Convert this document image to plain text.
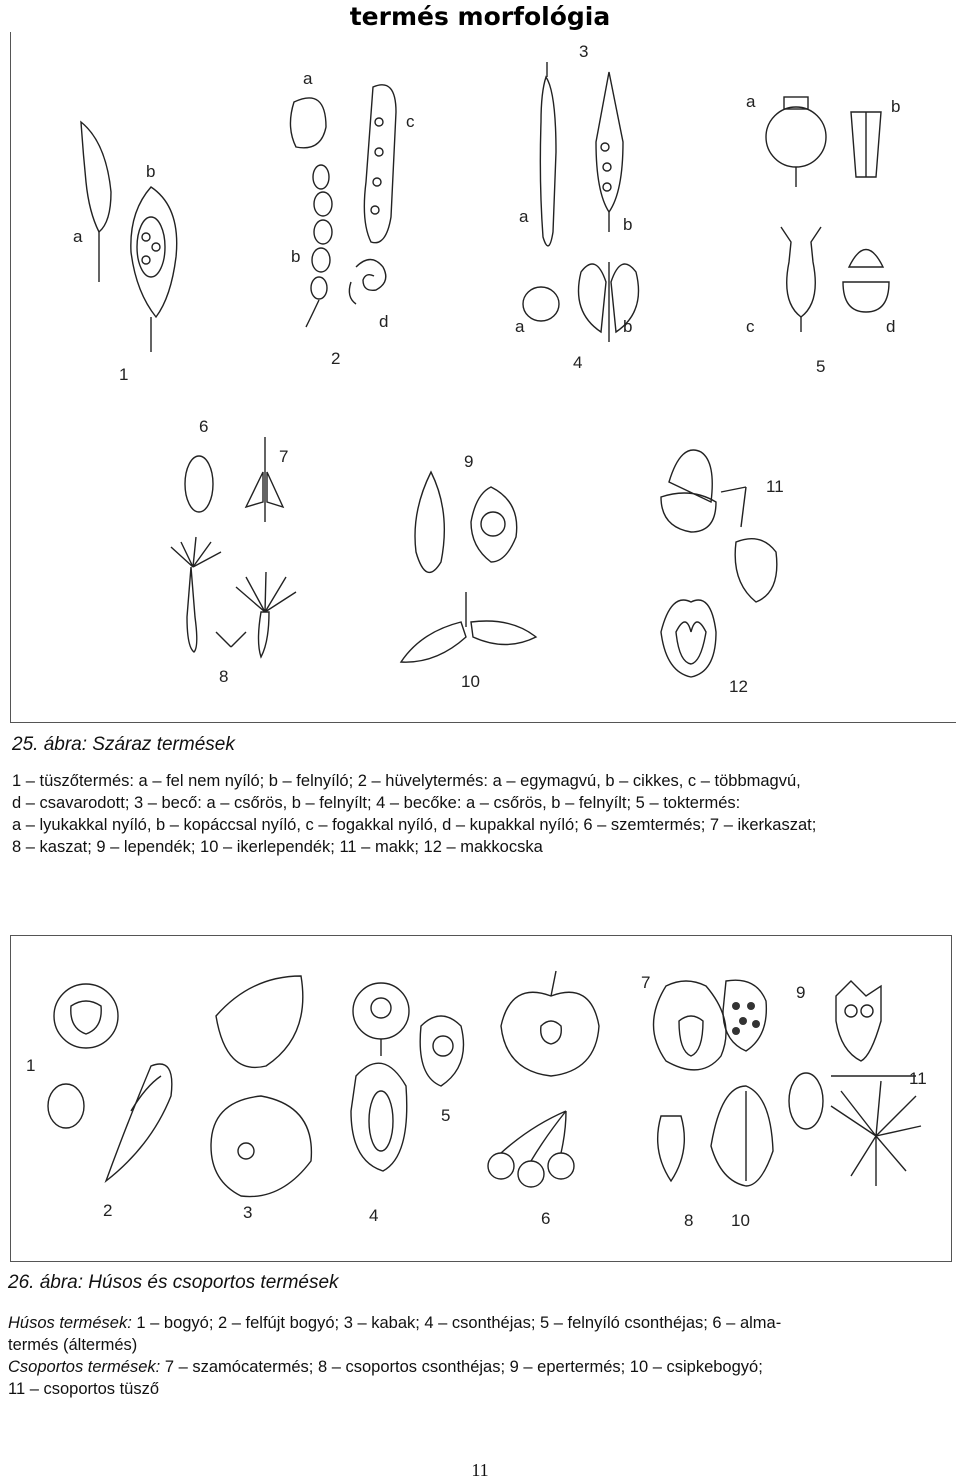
termés morfológia
a
b
1
a
c
b
d
2
3
a	b
a	b
4
a	b
c	d
5
6
7	9
11
8	10	12
25. ábra: Száraz termések
1 – tüszőtermés: a – fel nem nyíló; b – felnyíló; 2 – hüvelytermés: a – egymagvú, b – cikkes, c – többmagvú,
d – csavarodott; 3 – becő: a – csőrös, b – felnyílt; 4 – becőke: a – csőrös, b – felnyílt; 5 – toktermés:
a – lyukakkal nyíló, b – kopáccsal nyíló, c – fogakkal nyíló, d – kupakkal nyíló; 6 – szemtermés; 7 – ikerkaszat;
8 – kaszat; 9 – lependék; 10 – ikerlependék; 11 – makk; 12 – makkocska
7
9
1
11
5
2	3	4	6	8 10
26. ábra: Húsos és csoportos termések
Húsos termések: 1 – bogyó; 2 – felfújt bogyó; 3 – kabak; 4 – csonthéjas; 5 – felnyíló csonthéjas; 6 – alma-
termés (áltermés)
Csoportos termések: 7 – szamócatermés; 8 – csoportos csonthéjas; 9 – epertermés; 10 – csipkebogyó;
11 – csoportos tüsző
11
